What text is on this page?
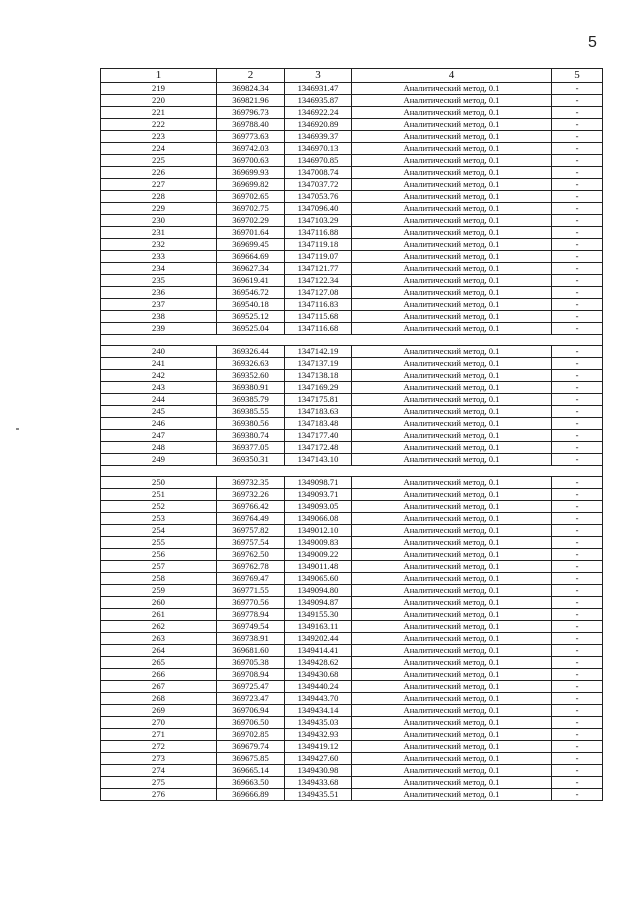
5
1	2	3	4	5
219	369824.34	1346931.47	Аналитический метод, 0.1	-
220	369821.96	1346935.87	Аналитический метод, 0.1	-
221	369796.73	1346922.24	Аналитический метод, 0.1	-
222	369788.40	1346920.89	Аналитический метод, 0.1	-
223	369773.63	1346939.37	Аналитический метод, 0.1	-
224	369742.03	1346970.13	Аналитический метод, 0.1	-
225	369700.63	1346970.85	Аналитический метод, 0.1	-
226	369699.93	1347008.74	Аналитический метод, 0.1	-
227	369699.82	1347037.72	Аналитический метод, 0.1	-
228	369702.65	1347053.76	Аналитический метод, 0.1	-
229	369702.75	1347096.40	Аналитический метод, 0.1	-
230	369702.29	1347103.29	Аналитический метод, 0.1	-
231	369701.64	1347116.88	Аналитический метод, 0.1	-
232	369699.45	1347119.18	Аналитический метод, 0.1	-
233	369664.69	1347119.07	Аналитический метод, 0.1	-
234	369627.34	1347121.77	Аналитический метод, 0.1	-
235	369619.41	1347122.34	Аналитический метод, 0.1	-
236	369546.72	1347127.08	Аналитический метод, 0.1	-
237	369540.18	1347116.83	Аналитический метод, 0.1	-
238	369525.12	1347115.68	Аналитический метод, 0.1	-
239	369525.04	1347116.68	Аналитический метод, 0.1	-

240	369326.44	1347142.19	Аналитический метод, 0.1	-
241	369326.63	1347137.19	Аналитический метод, 0.1	-
242	369352.60	1347138.18	Аналитический метод, 0.1	-
243	369380.91	1347169.29	Аналитический метод, 0.1	-
244	369385.79	1347175.81	Аналитический метод, 0.1	-
245	369385.55	1347183.63	Аналитический метод, 0.1	-
246	369380.56	1347183.48	Аналитический метод, 0.1	-
247	369380.74	1347177.40	Аналитический метод, 0.1	-
248	369377.05	1347172.48	Аналитический метод, 0.1	-
249	369350.31	1347143.10	Аналитический метод, 0.1	-

250	369732.35	1349098.71	Аналитический метод, 0.1	-
251	369732.26	1349093.71	Аналитический метод, 0.1	-
252	369766.42	1349093.05	Аналитический метод, 0.1	-
253	369764.49	1349066.08	Аналитический метод, 0.1	-
254	369757.82	1349012.10	Аналитический метод, 0.1	-
255	369757.54	1349009.83	Аналитический метод, 0.1	-
256	369762.50	1349009.22	Аналитический метод, 0.1	-
257	369762.78	1349011.48	Аналитический метод, 0.1	-
258	369769.47	1349065.60	Аналитический метод, 0.1	-
259	369771.55	1349094.80	Аналитический метод, 0.1	-
260	369770.56	1349094.87	Аналитический метод, 0.1	-
261	369778.94	1349155.30	Аналитический метод, 0.1	-
262	369749.54	1349163.11	Аналитический метод, 0.1	-
263	369738.91	1349202.44	Аналитический метод, 0.1	-
264	369681.60	1349414.41	Аналитический метод, 0.1	-
265	369705.38	1349428.62	Аналитический метод, 0.1	-
266	369708.94	1349430.68	Аналитический метод, 0.1	-
267	369725.47	1349440.24	Аналитический метод, 0.1	-
268	369723.47	1349443.70	Аналитический метод, 0.1	-
269	369706.94	1349434.14	Аналитический метод, 0.1	-
270	369706.50	1349435.03	Аналитический метод, 0.1	-
271	369702.85	1349432.93	Аналитический метод, 0.1	-
272	369679.74	1349419.12	Аналитический метод, 0.1	-
273	369675.85	1349427.60	Аналитический метод, 0.1	-
274	369665.14	1349430.98	Аналитический метод, 0.1	-
275	369663.50	1349433.68	Аналитический метод, 0.1	-
276	369666.89	1349435.51	Аналитический метод, 0.1	-
